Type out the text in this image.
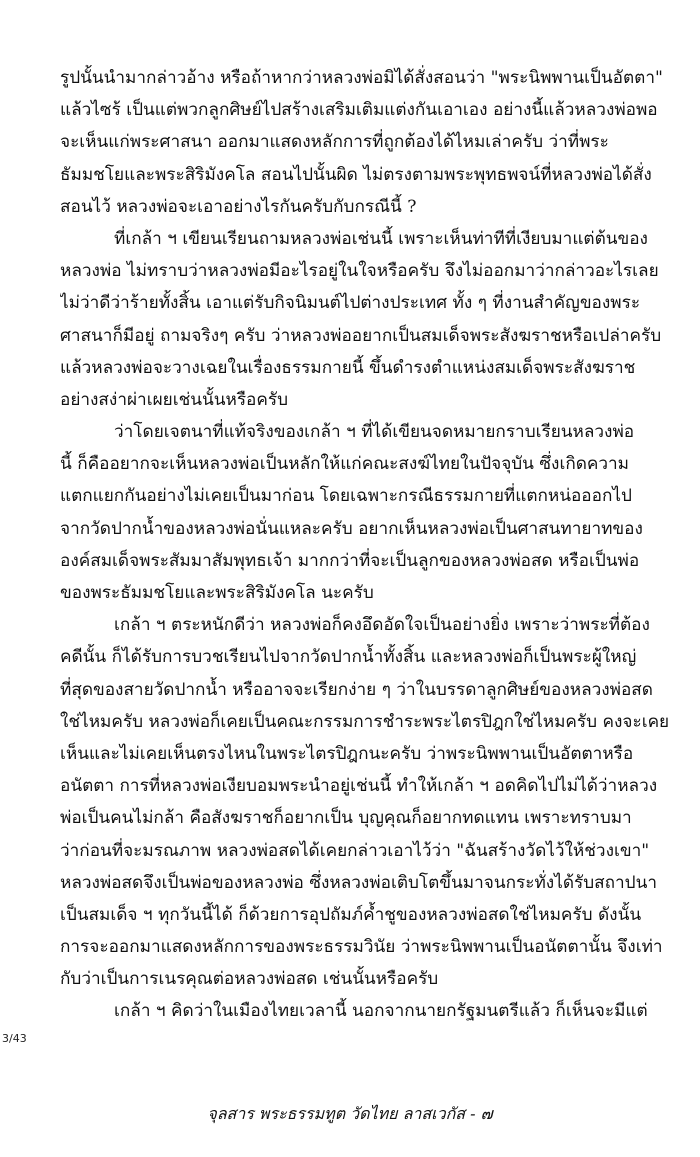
รูปนั้นนำมากล่าวอ้าง หรือถ้าหากว่าหลวงพ่อมิได้สั่งสอนว่า "พระนิพพานเป็นอัตตา"
แล้วไซร้ เป็นแต่พวกลูกศิษย์ไปสร้างเสริมเติมแต่งกันเอาเอง อย่างนี้แล้วหลวงพ่อพอ
จะเห็นแก่พระศาสนา ออกมาแสดงหลักการที่ถูกต้องได้ไหมเล่าครับ ว่าที่พระ
ธัมมชโยและพระสิริมังคโล สอนไปนั้นผิด ไม่ตรงตามพระพุทธพจน์ที่หลวงพ่อได้สั่ง
สอนไว้ หลวงพ่อจะเอาอย่างไรกันครับกับกรณีนี้ ?
ที่เกล้า ฯ เขียนเรียนถามหลวงพ่อเช่นนี้ เพราะเห็นท่าทีที่เงียบมาแต่ต้นของ
หลวงพ่อ ไม่ทราบว่าหลวงพ่อมีอะไรอยู่ในใจหรือครับ จึงไม่ออกมาว่ากล่าวอะไรเลย
ไม่ว่าดีว่าร้ายทั้งสิ้น เอาแต่รับกิจนิมนต์ไปต่างประเทศ ทั้ง ๆ ที่งานสำคัญของพระ
ศาสนาก็มีอยู่ ถามจริงๆ ครับ ว่าหลวงพ่ออยากเป็นสมเด็จพระสังฆราชหรือเปล่าครับ
แล้วหลวงพ่อจะวางเฉยในเรื่องธรรมกายนี้ ขึ้นดำรงตำแหน่งสมเด็จพระสังฆราช
อย่างสง่าผ่าเผยเช่นนั้นหรือครับ
ว่าโดยเจตนาที่แท้จริงของเกล้า ฯ ที่ได้เขียนจดหมายกราบเรียนหลวงพ่อ
นี้ ก็คืออยากจะเห็นหลวงพ่อเป็นหลักให้แก่คณะสงฆ์ไทยในปัจจุบัน ซึ่งเกิดความ
แตกแยกกันอย่างไม่เคยเป็นมาก่อน โดยเฉพาะกรณีธรรมกายที่แตกหน่อออกไป
จากวัดปากน้ำของหลวงพ่อนั่นแหละครับ อยากเห็นหลวงพ่อเป็นศาสนทายาทของ
องค์สมเด็จพระสัมมาสัมพุทธเจ้า มากกว่าที่จะเป็นลูกของหลวงพ่อสด หรือเป็นพ่อ
ของพระธัมมชโยและพระสิริมังคโล นะครับ
เกล้า ฯ ตระหนักดีว่า หลวงพ่อก็คงอึดอัดใจเป็นอย่างยิ่ง เพราะว่าพระที่ต้อง
คดีนั้น ก็ได้รับการบวชเรียนไปจากวัดปากน้ำทั้งสิ้น และหลวงพ่อก็เป็นพระผู้ใหญ่
ที่สุดของสายวัดปากน้ำ หรืออาจจะเรียกง่าย ๆ ว่าในบรรดาลูกศิษย์ของหลวงพ่อสด
ใช่ไหมครับ หลวงพ่อก็เคยเป็นคณะกรรมการชำระพระไตรปิฎกใช่ไหมครับ คงจะเคย
เห็นและไม่เคยเห็นตรงไหนในพระไตรปิฎกนะครับ ว่าพระนิพพานเป็นอัตตาหรือ
อนัตตา การที่หลวงพ่อเงียบอมพระนำอยู่เช่นนี้ ทำให้เกล้า ฯ อดคิดไปไม่ได้ว่าหลวง
พ่อเป็นคนไม่กล้า คือสังฆราชก็อยากเป็น บุญคุณก็อยากทดแทน เพราะทราบมา
ว่าก่อนที่จะมรณภาพ หลวงพ่อสดได้เคยกล่าวเอาไว้ว่า "ฉันสร้างวัดไว้ให้ช่วงเขา"
หลวงพ่อสดจึงเป็นพ่อของหลวงพ่อ ซึ่งหลวงพ่อเติบโตขึ้นมาจนกระทั่งได้รับสถาปนา
เป็นสมเด็จ ฯ ทุกวันนี้ได้ ก็ด้วยการอุปถัมภ์ค้ำชูของหลวงพ่อสดใช่ไหมครับ ดังนั้น
การจะออกมาแสดงหลักการของพระธรรมวินัย ว่าพระนิพพานเป็นอนัตตานั้น จึงเท่า
กับว่าเป็นการเนรคุณต่อหลวงพ่อสด เช่นนั้นหรือครับ
เกล้า ฯ คิดว่าในเมืองไทยเวลานี้ นอกจากนายกรัฐมนตรีแล้ว ก็เห็นจะมีแต่
3/43
จุลสาร พระธรรมทูต วัดไทย ลาสเวกัส - ๗
